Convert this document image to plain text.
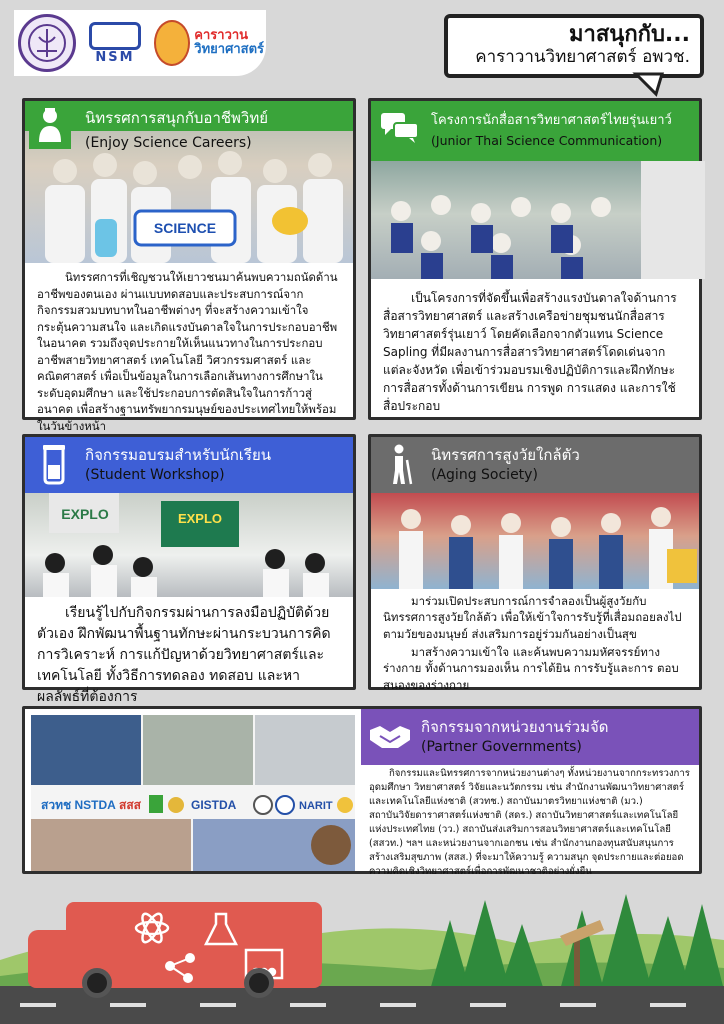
NSM
คาราวาน
วิทยาศาสตร์
มาสนุกกับ...
คาราวานวิทยาศาสตร์ อพวช.
SCIENCE
นิทรรศการสนุกกับอาชีพวิทย์
(Enjoy Science Careers)

นิทรรศการที่เชิญชวนให้เยาวชนมาค้นพบความถนัดด้านอาชีพของตนเอง ผ่านแบบทดสอบและประสบการณ์จากกิจกรรมสวมบทบาทในอาชีพต่างๆ ที่จะสร้างความเข้าใจ กระตุ้นความสนใจ และเกิดแรงบันดาลใจในการประกอบอาชีพในอนาคต รวมถึงจุดประกายให้เห็นแนวทางในการประกอบอาชีพสายวิทยาศาสตร์ เทคโนโลยี วิศวกรรมศาสตร์ และคณิตศาสตร์ เพื่อเป็นข้อมูลในการเลือกเส้นทางการศึกษาในระดับอุดมศึกษา และใช้ประกอบการตัดสินใจในการก้าวสู่อนาคต เพื่อสร้างฐานทรัพยากรมนุษย์ของประเทศไทยให้พร้อมในวันข้างหน้า

โครงการนักสื่อสารวิทยาศาสตร์ไทยรุ่นเยาว์
(Junior Thai Science Communication)

เป็นโครงการที่จัดขึ้นเพื่อสร้างแรงบันดาลใจด้านการสื่อสารวิทยาศาสตร์ และสร้างเครือข่ายชุมชนนักสื่อสารวิทยาศาสตร์รุ่นเยาว์ โดยคัดเลือกจากตัวแทน Science Sapling ที่มีผลงานการสื่อสารวิทยาศาสตร์โดดเด่นจากแต่ละจังหวัด เพื่อเข้าร่วมอบรมเชิงปฏิบัติการและฝึกทักษะการสื่อสารทั้งด้านการเขียน การพูด การแสดง และการใช้สื่อประกอบ

กิจกรรมอบรมสำหรับนักเรียน
(Student Workshop)
EXPLO
EXPLO

เรียนรู้ไปกับกิจกรรมผ่านการลงมือปฏิบัติด้วยตัวเอง ฝึกพัฒนาพื้นฐานทักษะผ่านกระบวนการคิด การวิเคราะห์ การแก้ปัญหาด้วยวิทยาศาสตร์และเทคโนโลยี ทั้งวิธีการทดลอง ทดสอบ และหาผลลัพธ์ที่ต้องการ

นิทรรศการสูงวัยใกล้ตัว
(Aging Society)

มาร่วมเปิดประสบการณ์การจำลองเป็นผู้สูงวัยกับ นิทรรศการสูงวัยใกล้ตัว เพื่อให้เข้าใจการรับรู้ที่เสื่อมถอยลงไปตามวัยของมนุษย์ ส่งเสริมการอยู่ร่วมกันอย่างเป็นสุข

มาสร้างความเข้าใจ และค้นพบความมหัศจรรย์ทางร่างกาย ทั้งด้านการมองเห็น การได้ยิน การรับรู้และการ ตอบสนองของร่างกาย

สวทช NSTDA สสส	GISTDA	NARIT
กิจกรรมจากหน่วยงานร่วมจัด
(Partner Governments)

กิจกรรมและนิทรรศการจากหน่วยงานต่างๆ ทั้งหน่วยงานจากกระทรวงการอุดมศึกษา วิทยาศาสตร์ วิจัยและนวัตกรรม เช่น สำนักงานพัฒนาวิทยาศาสตร์และเทคโนโลยีแห่งชาติ (สวทช.) สถาบันมาตรวิทยาแห่งชาติ (มว.) สถาบันวิจัยดาราศาสตร์แห่งชาติ (สดร.) สถาบันวิทยาศาสตร์และเทคโนโลยีแห่งประเทศไทย (วว.) สถาบันส่งเสริมการสอนวิทยาศาสตร์และเทคโนโลยี (สสวท.) ฯลฯ และหน่วยงานจากเอกชน เช่น สำนักงานกองทุนสนับสนุนการสร้างเสริมสุขภาพ (สสส.) ที่จะมาให้ความรู้ ความสนุก จุดประกายและต่อยอดความคิดเชิงวิทยาศาสตร์เพื่อการพัฒนาชาติอย่างยั่งยืน
